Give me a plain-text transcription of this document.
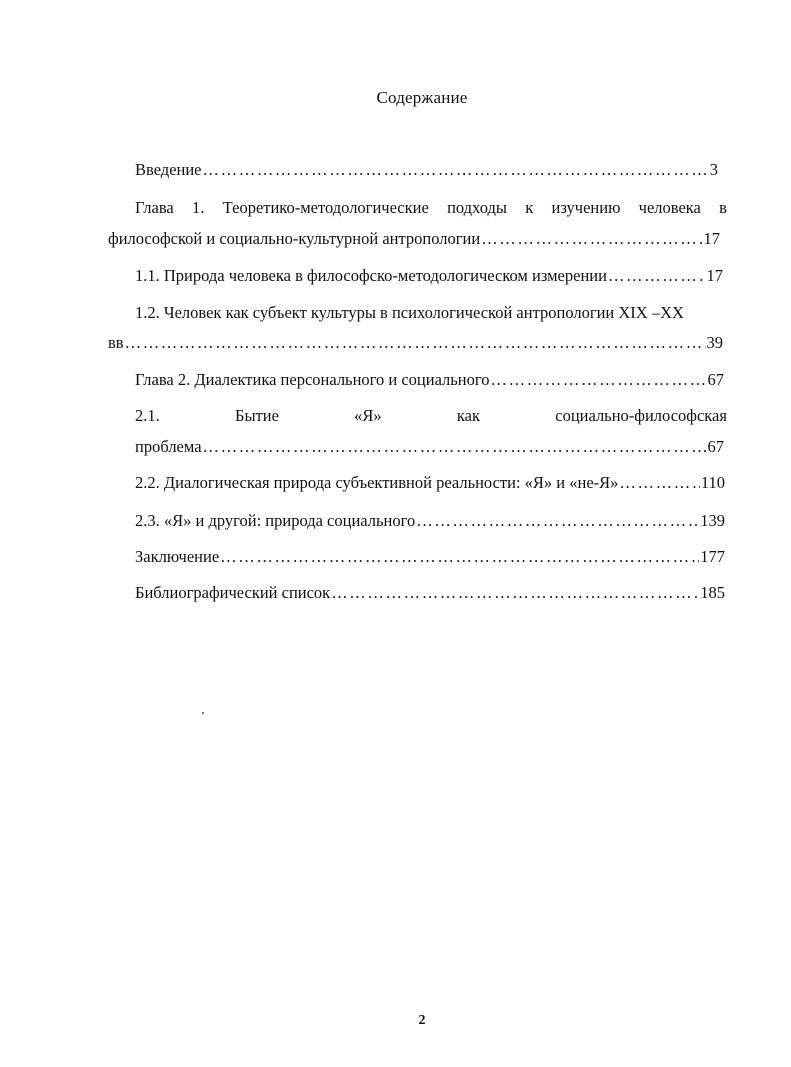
Содержание
Введение ……………………………………………………………………………………………………………………………………………………	3
Глава 1. Теоретико-методологические подходы к изучению человека в
философской и социально-культурной антропологии ……………………………………………………………………………………………………………………………………………………	17
1.1. Природа человека в философско-методологическом измерении ……………………………………………………………………………………………………………………………………………………	17
1.2. Человек как субъект культуры в психологической антропологии XIX –XX
вв ……………………………………………………………………………………………………………………………………………………	39
Глава 2. Диалектика персонального и социального ……………………………………………………………………………………………………………………………………………………	67
2.1.	Бытие	«Я»	как	социально-философская
проблема ……………………………………………………………………………………………………………………………………………………	67
2.2. Диалогическая природа субъективной реальности: «Я» и «не-Я» ……………………………………………………………………………………………………………………………………………………	110
2.3. «Я» и другой: природа социального ……………………………………………………………………………………………………………………………………………………	139
Заключение ……………………………………………………………………………………………………………………………………………………	177
Библиографический список ……………………………………………………………………………………………………………………………………………………	185
2
